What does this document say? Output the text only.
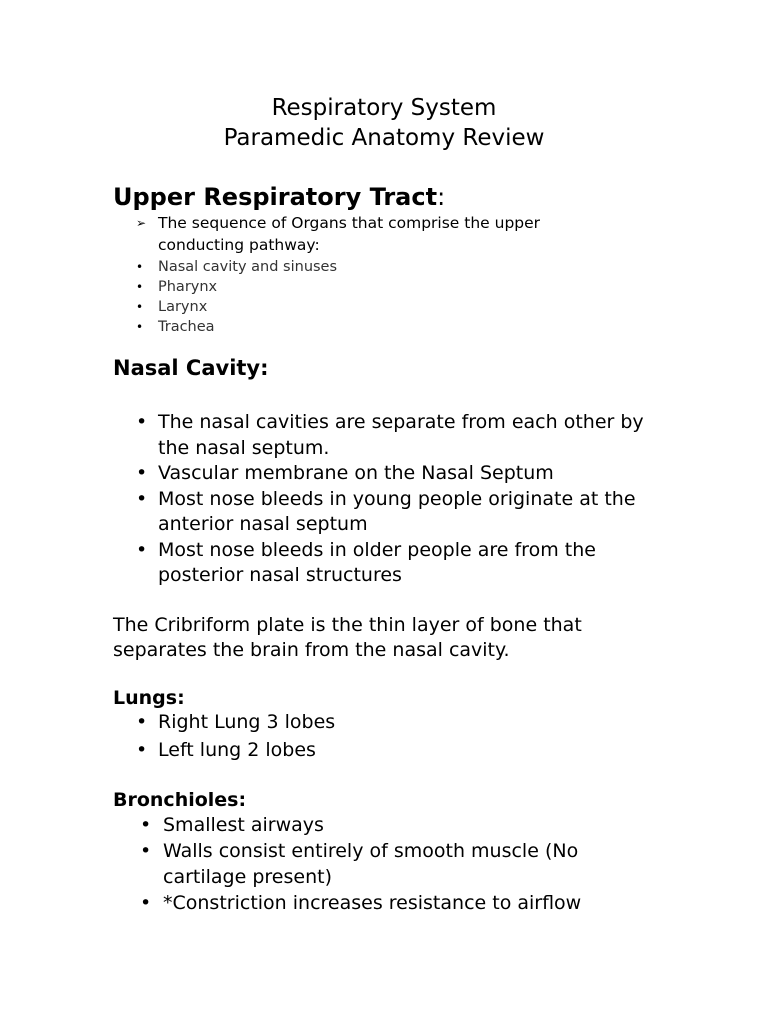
Respiratory System
Paramedic Anatomy Review
Upper Respiratory Tract:
➢ The sequence of Organs that comprise the upper conducting pathway:
• Nasal cavity and sinuses
• Pharynx
• Larynx
• Trachea
Nasal Cavity:
• The nasal cavities are separate from each other by the nasal septum.
• Vascular membrane on the Nasal Septum
• Most nose bleeds in young people originate at the anterior nasal septum
• Most nose bleeds in older people are from the posterior nasal structures
The Cribriform plate is the thin layer of bone that separates the brain from the nasal cavity.
Lungs:
• Right Lung 3 lobes
• Left lung 2 lobes
Bronchioles:
• Smallest airways
• Walls consist entirely of smooth muscle (No cartilage present)
• *Constriction increases resistance to airflow
